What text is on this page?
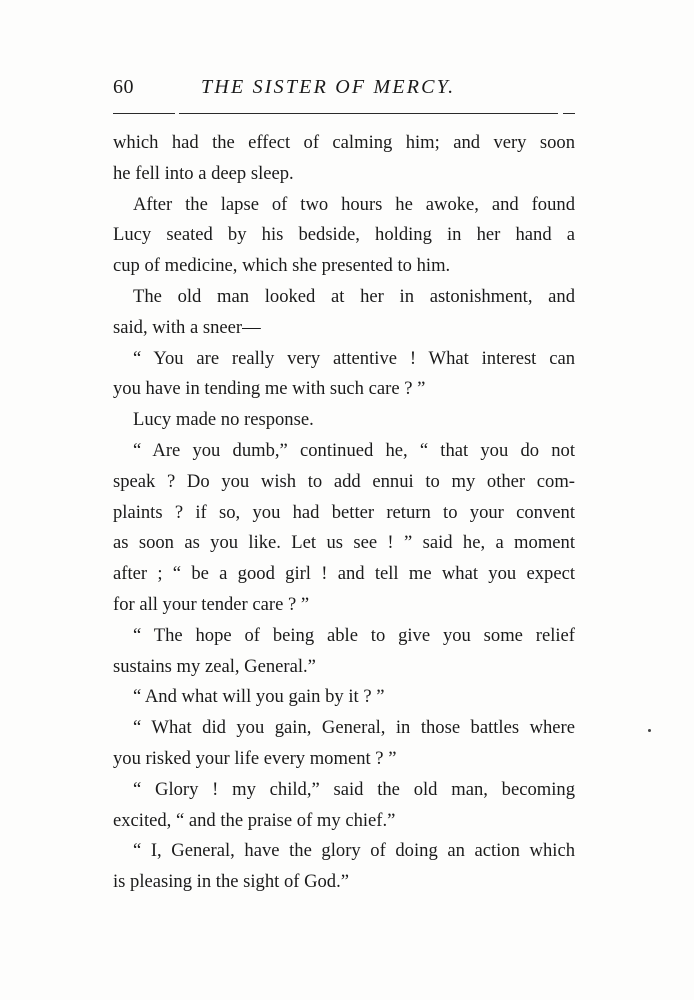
60	THE SISTER OF MERCY.
which had the effect of calming him; and very soon
he fell into a deep sleep.
After the lapse of two hours he awoke, and found
Lucy seated by his bedside, holding in her hand a
cup of medicine, which she presented to him.
The old man looked at her in astonishment, and
said, with a sneer—
“ You are really very attentive ! What interest can
you have in tending me with such care ? ”
Lucy made no response.
“ Are you dumb,” continued he, “ that you do not
speak ? Do you wish to add ennui to my other com-
plaints ? if so, you had better return to your convent
as soon as you like. Let us see ! ” said he, a moment
after ; “ be a good girl ! and tell me what you expect
for all your tender care ? ”
“ The hope of being able to give you some relief
sustains my zeal, General.”
“ And what will you gain by it ? ”
“ What did you gain, General, in those battles where
you risked your life every moment ? ”
“ Glory ! my child,” said the old man, becoming
excited, “ and the praise of my chief.”
“ I, General, have the glory of doing an action which
is pleasing in the sight of God.”
